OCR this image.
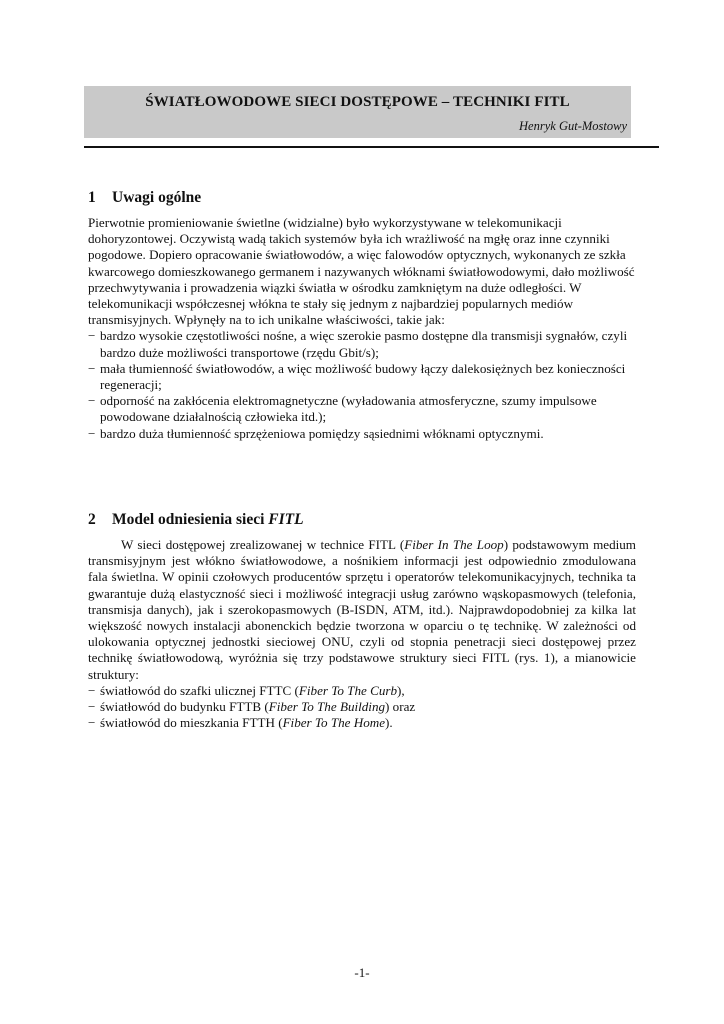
ŚWIATŁOWODOWE SIECI DOSTĘPOWE – TECHNIKI FITL
Henryk Gut-Mostowy
1 Uwagi ogólne

Pierwotnie promieniowanie świetlne (widzialne) było wykorzystywane w telekomunikacji dohoryzontowej. Oczywistą wadą takich systemów była ich wrażliwość na mgłę oraz inne czynniki pogodowe. Dopiero opracowanie światłowodów, a więc falowodów optycznych, wykonanych ze szkła kwarcowego domieszkowanego germanem i nazywanych włóknami światłowodowymi, dało możliwość przechwytywania i prowadzenia wiązki światła w ośrodku zamkniętym na duże odległości. W telekomunikacji współczesnej włókna te stały się jednym z najbardziej popularnych mediów transmisyjnych. Wpłynęły na to ich unikalne właściwości, takie jak:

− bardzo wysokie częstotliwości nośne, a więc szerokie pasmo dostępne dla transmisji sygnałów, czyli bardzo duże możliwości transportowe (rzędu Gbit/s);
− mała tłumienność światłowodów, a więc możliwość budowy łączy dalekosiężnych bez konieczności regeneracji;
− odporność na zakłócenia elektromagnetyczne (wyładowania atmosferyczne, szumy impulsowe powodowane działalnością człowieka itd.);
− bardzo duża tłumienność sprzężeniowa pomiędzy sąsiednimi włóknami optycznymi.
2 Model odniesienia sieci FITL

W sieci dostępowej zrealizowanej w technice FITL (Fiber In The Loop) podstawowym medium transmisyjnym jest włókno światłowodowe, a nośnikiem informacji jest odpowiednio zmodulowana fala świetlna. W opinii czołowych producentów sprzętu i operatorów telekomunikacyjnych, technika ta gwarantuje dużą elastyczność sieci i możliwość integracji usług zarówno wąskopasmowych (telefonia, transmisja danych), jak i szerokopasmowych (B-ISDN, ATM, itd.). Najprawdopodobniej za kilka lat większość nowych instalacji abonenckich będzie tworzona w oparciu o tę technikę. W zależności od ulokowania optycznej jednostki sieciowej ONU, czyli od stopnia penetracji sieci dostępowej przez technikę światłowodową, wyróżnia się trzy podstawowe struktury sieci FITL (rys. 1), a mianowicie struktury:

− światłowód do szafki ulicznej FTTC (Fiber To The Curb),
− światłowód do budynku FTTB (Fiber To The Building) oraz
− światłowód do mieszkania FTTH (Fiber To The Home).
-1-
